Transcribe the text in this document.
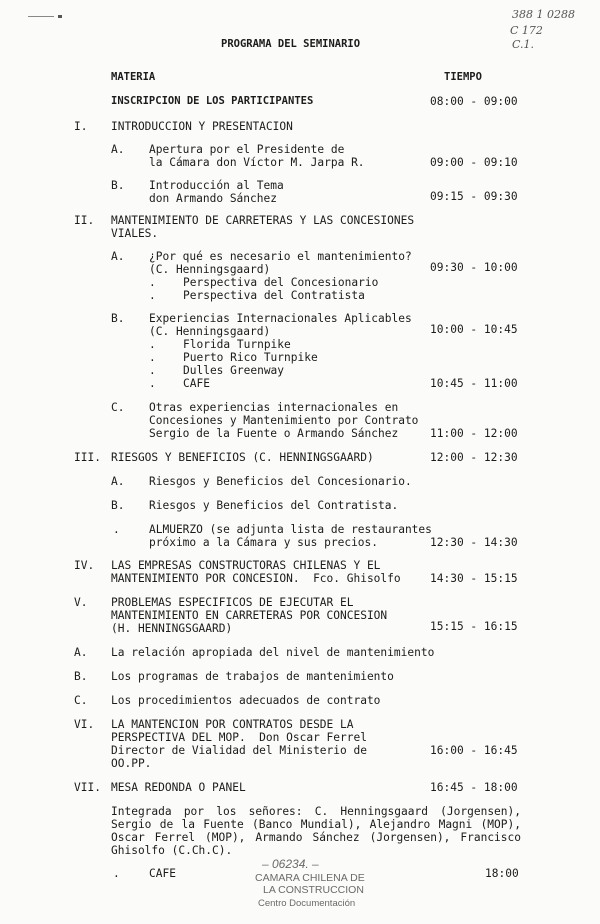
388 1 0288
C 172
C.1.
PROGRAMA DEL SEMINARIO
MATERIA	TIEMPO
INSCRIPCION DE LOS PARTICIPANTES	08:00 - 09:00
I. INTRODUCCION Y PRESENTACION
A. Apertura por el Presidente de
la Cámara don Víctor M. Jarpa R.	09:00 - 09:10
B. Introducción al Tema
don Armando Sánchez	09:15 - 09:30
II. MANTENIMIENTO DE CARRETERAS Y LAS CONCESIONES
VIALES.
A. ¿Por qué es necesario el mantenimiento?
(C. Henningsgaard)	09:30 - 10:00
. Perspectiva del Concesionario
. Perspectiva del Contratista
B. Experiencias Internacionales Aplicables
(C. Henningsgaard)	10:00 - 10:45
. Florida Turnpike
. Puerto Rico Turnpike
. Dulles Greenway
. CAFE	10:45 - 11:00
C. Otras experiencias internacionales en
Concesiones y Mantenimiento por Contrato
Sergio de la Fuente o Armando Sánchez	11:00 - 12:00
III. RIESGOS Y BENEFICIOS (C. HENNINGSGAARD)	12:00 - 12:30
A. Riesgos y Beneficios del Concesionario.
B. Riesgos y Beneficios del Contratista.
.	ALMUERZO (se adjunta lista de restaurantes
próximo a la Cámara y sus precios.	12:30 - 14:30
IV. LAS EMPRESAS CONSTRUCTORAS CHILENAS Y EL
MANTENIMIENTO POR CONCESION.  Fco. Ghisolfo	14:30 - 15:15
V. PROBLEMAS ESPECIFICOS DE EJECUTAR EL
MANTENIMIENTO EN CARRETERAS POR CONCESION
(H. HENNINGSGAARD)	15:15 - 16:15
A. La relación apropiada del nivel de mantenimiento
B. Los programas de trabajos de mantenimiento
C. Los procedimientos adecuados de contrato
VI. LA MANTENCION POR CONTRATOS DESDE LA
PERSPECTIVA DEL MOP.  Don Oscar Ferrel
Director de Vialidad del Ministerio de
OO.PP.
16:00 - 16:45
VII. MESA REDONDA O PANEL	16:45 - 18:00
Integrada por los señores: C. Henningsgaard (Jorgensen), Sergio de la Fuente (Banco Mundial), Alejandro Magni (MOP), Oscar Ferrel (MOP), Armando Sánchez (Jorgensen), Francisco Ghisolfo (C.Ch.C).
.	CAFE	18:00
– 06234. –
CAMARA CHILENA DE
LA CONSTRUCCION
Centro Documentación
